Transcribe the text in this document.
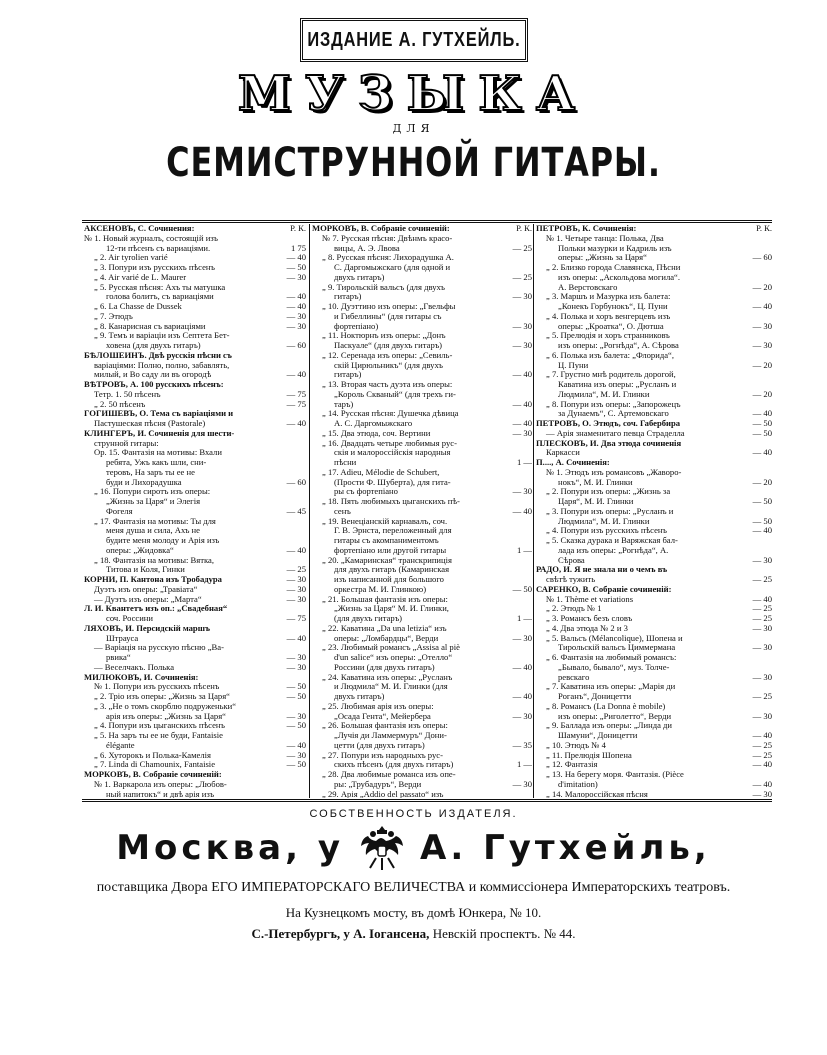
ИЗДАНИЕ А. ГУТХЕЙЛЬ.
МУЗЫКА
ДЛЯ
СЕМИСТРУННОЙ ГИТАРЫ.
АКСЕНОВЪ, С. Сочинения:	Р. К.
№ 1. Новый журналъ, состоящій изъ
12-ти пѣсенъ съ вариаціями.	1 75
„ 2. Air tyrolien varié	— 40
„ 3. Попури изъ русскихъ пѣсенъ	— 50
„ 4. Air varié de L. Maurer	— 30
„ 5. Русская пѣсня: Ахъ ты матушка
голова болитъ, съ вариаціями	— 40
„ 6. La Chasse de Dussek	— 40
„ 7. Этюдъ	— 30
„ 8. Канарисная съ вариаціями	— 30
„ 9. Темъ и варіаціи изъ Септета Бет-
ховена (для двухъ гитаръ)	— 60
БѢЛОШЕИНЪ. Двѣ русскія пѣсни съ
варіаціями: Полно, полно, забавлять,
милый, и Во саду ли въ огородѣ	— 40
ВѢТРОВЪ, А. 100 русскихъ пѣсенъ:
Тетр. 1. 50 пѣсенъ	— 75
„ 2. 50 пѣсенъ	— 75
ГОГИШЕВЪ, О. Тема съ варіаціями и
Пастушеская пѣсня (Pastorale)	— 40
КЛИНГЕРЪ, И. Сочиненія для шести-
струнной гитары:
Ор. 15. Фантазія на мотивы: Вхали
ребята, Ужъ какъ шли, сни-
теровъ, На заръ ты ее не
буди и Лихорадушка	— 60
„ 16. Попури сиротъ изъ оперы:
„Жизнь за Царя“ и Элегія
Фогеля	— 45
„ 17. Фантазія на мотивы: Ты для
меня душа и сила, Ахъ не
будите меня молоду и Арія изъ
оперы: „Жидовка“	— 40
„ 18. Фантазія на мотивы: Вятка,
Титова и Коля, Гинки	— 25
КОРНИ, П. Кантона изъ Тробадура	— 30
Дуэтъ изъ оперы: „Травіата“	— 30
— Дуэтъ изъ оперы: „Марта“	— 30
Л. И. Квантетъ изъ оп.: „Свадебная“
соч. Россини	— 75
ЛЯХОВЪ, И. Персидскій маршъ
Штрауса	— 40
— Варіація на русскую пѣсню „Ва-
рвика“	— 30
— Веселчакъ. Полька	— 30
МИЛЮКОВЪ, И. Сочиненія:
№ 1. Попури изъ русскихъ пѣсенъ	— 50
„ 2. Тріо изъ оперы: „Жизнь за Царя“	— 50
„ 3. „Не о томъ скорблю подруженьки“
арія изъ оперы: „Жизнь за Царя“	— 30
„ 4. Попури изъ цыганскихъ пѣсенъ	— 50
„ 5. На заръ ты ее не буди, Fantaisie
élégante	— 40
„ 6. Хуторокъ и Полька-Камелія	— 30
„ 7. Linda di Chamounix, Fantaisie	— 50
МОРКОВЪ, В. Собраніе сочиненій:
№ 1. Варкарола изъ оперы: „Любов-
ный напитокъ“ и двѣ арія изъ
МОРКОВЪ, В. Собраніе сочиненій:	Р. К.
№ 7. Русская пѣсня: Двѣнмъ красо-
вицы, А. Э. Лвова	— 25
„ 8. Русская пѣсня: Лихорадушка А.
С. Даргомыжскаго (для одной и
двухъ гитаръ)	— 25
„ 9. Тирольскій вальсъ (для двухъ
гитаръ)	— 30
„ 10. Дуэттино изъ оперы: „Гвельфы
и Гибеллины“ (для гитары съ
фортепіано)	— 30
„ 11. Ноктюрнъ изъ оперы: „Донъ
Паскуале“ (для двухъ гитаръ)	— 30
„ 12. Серенада изъ оперы: „Севиль-
скій Цирюльникъ“ (для двухъ
гитаръ)	— 40
„ 13. Вторая часть дуэта изъ оперы:
„Король Скваный“ (для трехъ ги-
таръ)	— 40
„ 14. Русская пѣсня: Душечка дѣвица
А. С. Даргомыжскаго	— 40
„ 15. Два этюда, соч. Вертини	— 30
„ 16. Двадцать четыре любимыя рус-
скія и малороссійскія народныя
пѣсни	1 —
„ 17. Adieu, Mélodie de Schubert,
(Прости Ф. Шуберта), для гита-
ры съ фортепіано	— 30
„ 18. Пять любимыхъ цыганскихъ пѣ-
сенъ	— 40
„ 19. Венеціанскій карнавалъ, соч.
Г. В. Эрнста, переложенный для
гитары съ акомпаниментомъ
фортепіано или другой гитары	1 —
„ 20. „Камаринская“ транскрипиція
для двухъ гитаръ (Камаринская
изъ написанной для большого
оркестра М. И. Глинкою)	— 50
„ 21. Большая фантазія изъ оперы:
„Жизнь за Царя“ М. И. Глинки,
(для двухъ гитаръ)	1 —
„ 22. Каватина „Da una letizia“ изъ
оперы: „Ломбардцы“, Верди	— 30
„ 23. Любимый романсъ „Assisa al piè
d'un salice“ изъ оперы: „Отелло“
Россини (для двухъ гитаръ)	— 40
„ 24. Каватина изъ оперы: „Русланъ
и Людмила“ М. И. Глинки (для
двухъ гитаръ)	— 40
„ 25. Любимая арія изъ оперы:
„Осада Гента“, Мейербера	— 30
„ 26. Большая фантазія изъ оперы:
„Лучія ди Ламмермуръ“ Дони-
цетти (для двухъ гитаръ)	— 35
„ 27. Попури изъ народныхъ рус-
скихъ пѣсенъ (для двухъ гитаръ)	1 —
„ 28. Два любимые романса изъ опе-
ры: „Трубадуръ“, Верди	— 30
„ 29. Арія „Addio del passato“ изъ
ПЕТРОВЪ, К. Сочиненія:	Р. К.
№ 1. Четыре танца: Полька, Два
Польки мазурки и Кадриль изъ
оперы: „Жизнь за Царя“	— 60
„ 2. Близко города Славянска, Пѣсни
изъ оперы: „Аскольдова могила“.
А. Верстовскаго	— 20
„ 3. Маршъ и Мазурка изъ балета:
„Конекъ Горбунокъ“, Ц. Пуни	— 40
„ 4. Полька и хоръ венгерцевъ изъ
оперы: „Кроатка“, О. Дютша	— 30
„ 5. Прелюдія и хоръ странниковъ
изъ оперы: „Рогнѣда“, А. Сѣрова	— 30
„ 6. Полька изъ балета: „Флорида“,
Ц. Пуни	— 20
„ 7. Грустно мнѣ родитель дорогой,
Каватина изъ оперы: „Русланъ и
Людмила“, М. И. Глинки	— 20
„ 8. Попури изъ оперы: „Запорожецъ
за Дунаемъ“, С. Артемовскаго	— 40
ПЕТРОВЪ, О. Этюдъ, соч. Габербира	— 50
— Арія знаменитаго певца Страделла	— 50
ПЛЕСКОВЪ, И. Два этюда сочиненія
Каркасси	— 40
П...., А. Сочиненія:
№ 1. Этюдъ изъ романсовъ „Жаворо-
нокъ“, М. И. Глинки	— 20
„ 2. Попури изъ оперы: „Жизнь за
Царя“, М. И. Глинки	— 50
„ 3. Попури изъ оперы: „Русланъ и
Людмила“, М. И. Глинки	— 50
„ 4. Попури изъ русскихъ пѣсенъ	— 40
„ 5. Сказка дурака и Варяжская бал-
лада изъ оперы: „Рогнѣда“, А.
Сѣрова	— 30
РАДО, И. Я не знала ни о чемъ въ
свѣтѣ тужить	— 25
САРЕНКО, В. Собраніе сочиненій:
№ 1. Thème et variations	— 40
„ 2. Этюдъ № 1	— 25
„ 3. Романсъ безъ словъ	— 25
„ 4. Два этюда № 2 и 3	— 30
„ 5. Вальсъ (Mélancolique), Шопена и
Тирольскій вальсъ Циммермана	— 30
„ 6. Фантазія на любимый романсъ:
„Бывало, бывало“, муз. Толче-
ревскаго	— 30
„ 7. Каватина изъ оперы: „Марія ди
Роганъ“, Доницетти	— 25
„ 8. Романсъ (La Donna è mobile)
изъ оперы: „Риголетто“, Верди	— 30
„ 9. Баллада изъ оперы: „Линда ди
Шамуни“, Доницетти	— 40
„ 10. Этюдъ № 4	— 25
„ 11. Прелюдія Шопена	— 25
„ 12. Фантазія	— 40
„ 13. На берегу моря. Фантазія. (Pièce
d'imitation)	— 40
„ 14. Малороссійская пѣсня	— 30
СОБСТВЕННОСТЬ ИЗДАТЕЛЯ.
Москва, у А. Гутхейль,
поставщика Двора ЕГО ИМПЕРАТОРСКАГО ВЕЛИЧЕСТВА и коммиссіонера Императорскихъ театровъ.
На Кузнецкомъ мосту, въ домѣ Юнкера, № 10.
С.-Петербургъ, у А. Іогансена, Невскій проспектъ. № 44.
